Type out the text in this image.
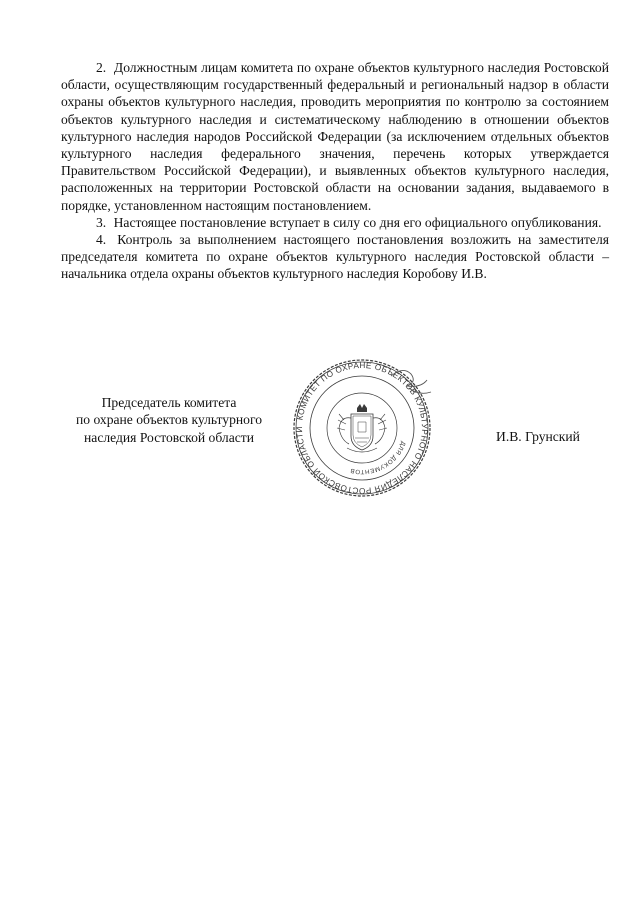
2. Должностным лицам комитета по охране объектов культурного наследия Ростовской области, осуществляющим государственный федеральный и региональный надзор в области охраны объектов культурного наследия, проводить мероприятия по контролю за состоянием объектов культурного наследия и систематическому наблюдению в отношении объектов культурного наследия народов Российской Федерации (за исключением отдельных объектов культурного наследия федерального значения, перечень которых утверждается Правительством Российской Федерации), и выявленных объектов культурного наследия, расположенных на территории Ростовской области на основании задания, выдаваемого в порядке, установленном настоящим постановлением.

3. Настоящее постановление вступает в силу со дня его официального опубликования.

4. Контроль за выполнением настоящего постановления возложить на заместителя председателя комитета по охране объектов культурного наследия Ростовской области – начальника отдела охраны объектов культурного наследия Коробову И.В.

Председатель комитета
по охране объектов культурного
наследия Ростовской области	И.В. Грунский
КОМИТЕТ ПО ОХРАНЕ ОБЪЕКТОВ КУЛЬТУРНОГО НАСЛЕДИЯ РОСТОВСКОЙ ОБЛАСТИ
ДЛЯ ДОКУМЕНТОВ
